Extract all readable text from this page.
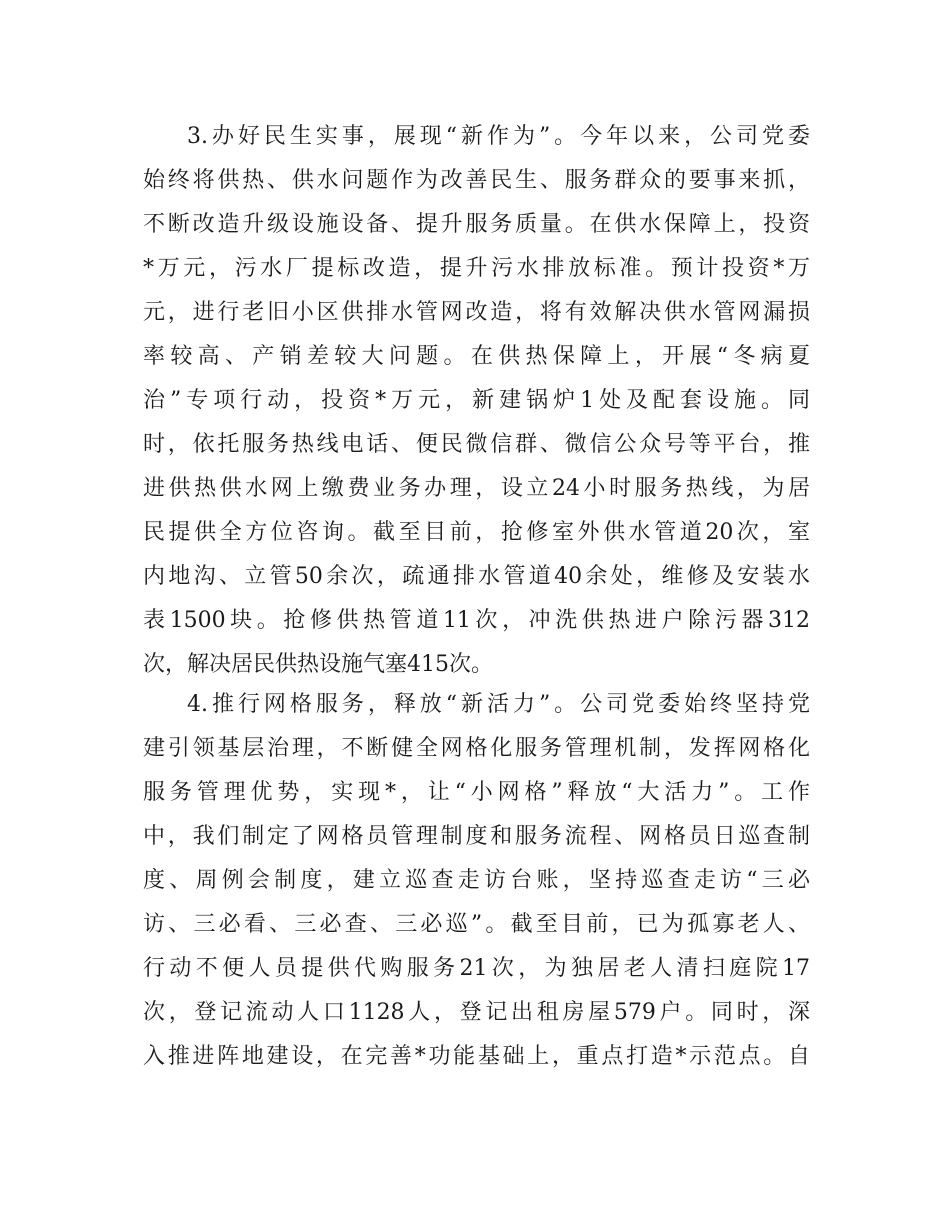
3.办好民生实事，展现“新作为”。今年以来，公司党委
始终将供热、供水问题作为改善民生、服务群众的要事来抓，
不断改造升级设施设备、提升服务质量。在供水保障上，投资
*万元，污水厂提标改造，提升污水排放标准。预计投资*万
元，进行老旧小区供排水管网改造，将有效解决供水管网漏损
率较高、产销差较大问题。在供热保障上，开展“冬病夏
治”专项行动，投资*万元，新建锅炉1处及配套设施。同
时，依托服务热线电话、便民微信群、微信公众号等平台，推
进供热供水网上缴费业务办理，设立24小时服务热线，为居
民提供全方位咨询。截至目前，抢修室外供水管道20次，室
内地沟、立管50余次，疏通排水管道40余处，维修及安装水
表1500块。抢修供热管道11次，冲洗供热进户除污器312
次，解决居民供热设施气塞415次。
4.推行网格服务，释放“新活力”。公司党委始终坚持党
建引领基层治理，不断健全网格化服务管理机制，发挥网格化
服务管理优势，实现*，让“小网格”释放“大活力”。工作
中，我们制定了网格员管理制度和服务流程、网格员日巡查制
度、周例会制度，建立巡查走访台账，坚持巡查走访“三必
访、三必看、三必查、三必巡”。截至目前，已为孤寡老人、
行动不便人员提供代购服务21次，为独居老人清扫庭院17
次，登记流动人口1128人，登记出租房屋579户。同时，深
入推进阵地建设，在完善*功能基础上，重点打造*示范点。自
